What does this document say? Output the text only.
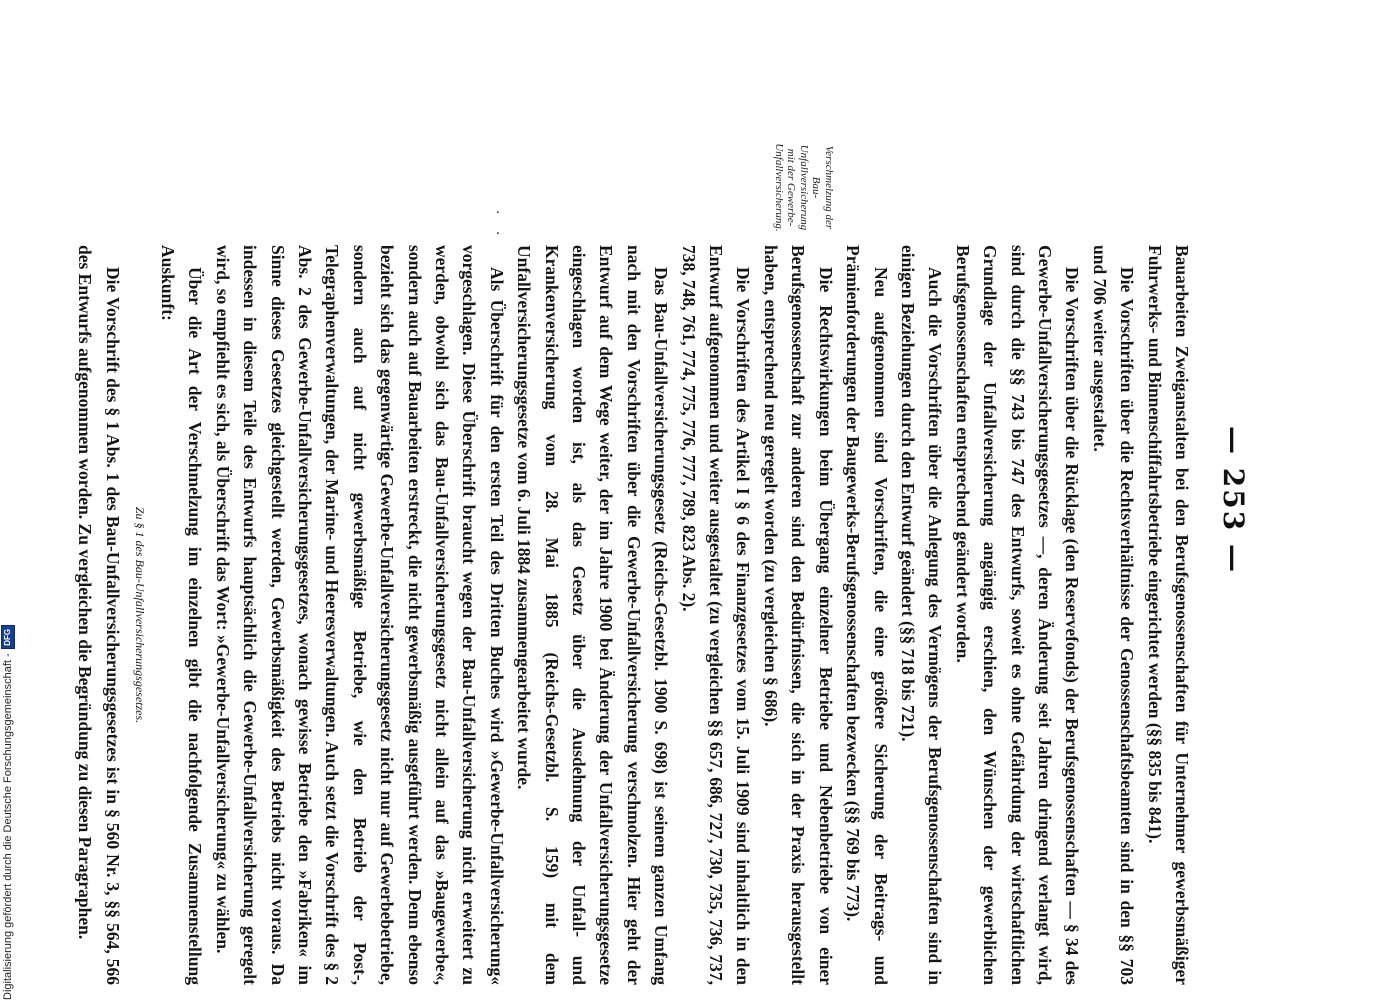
Digitalisierung gefördert durch die Deutsche Forschungsgemeinschaft -
DFG
— 253 —
Verschmelzung der Bau-Unfallversicherung mit der Gewerbe-Unfallversicherung.

Bauarbeiten Zweiganstalten bei den Berufsgenossenschaften für Unternehmer gewerbsmäßiger Fuhrwerks- und Binnenschiffahrtsbetriebe eingerichtet werden (§§ 835 bis 841).

Die Vorschriften über die Rechtsverhältnisse der Genossenschaftsbeamten sind in den §§ 703 und 706 weiter ausgestaltet.

Die Vorschriften über die Rücklage (den Reservefonds) der Berufsgenossenschaften — § 34 des Gewerbe-Unfallversicherungsgesetzes —, deren Änderung seit Jahren dringend verlangt wird, sind durch die §§ 743 bis 747 des Entwurfs, soweit es ohne Gefährdung der wirtschaftlichen Grundlage der Unfallversicherung angängig erschien, den Wünschen der gewerblichen Berufsgenossenschaften entsprechend geändert worden.

Auch die Vorschriften über die Anlegung des Vermögens der Berufsgenossenschaften sind in einigen Beziehungen durch den Entwurf geändert (§§ 718 bis 721).

Neu aufgenommen sind Vorschriften, die eine größere Sicherung der Beitrags- und Prämienforderungen der Baugewerks-Berufsgenossenschaften bezwecken (§§ 769 bis 773).

Die Rechtswirkungen beim Übergang einzelner Betriebe und Nebenbetriebe von einer Berufsgenossenschaft zur anderen sind den Bedürfnissen, die sich in der Praxis herausgestellt haben, entsprechend neu geregelt worden (zu vergleichen § 686).

Die Vorschriften des Artikel I § 6 des Finanzgesetzes vom 15. Juli 1909 sind inhaltlich in den Entwurf aufgenommen und weiter ausgestaltet (zu vergleichen §§ 657, 686, 727, 730, 735, 736, 737, 738, 748, 761, 774, 775, 776, 777, 789, 823 Abs. 2).

Das Bau-Unfallversicherungsgesetz (Reichs-Gesetzbl. 1900 S. 698) ist seinem ganzen Umfang nach mit den Vorschriften über die Gewerbe-Unfallversicherung verschmolzen. Hier geht der Entwurf auf dem Wege weiter, der im Jahre 1900 bei Änderung der Unfallversicherungsgesetze eingeschlagen worden ist, als das Gesetz über die Ausdehnung der Unfall- und Krankenversicherung vom 28. Mai 1885 (Reichs-Gesetzbl. S. 159) mit dem Unfallversicherungsgesetze vom 6. Juli 1884 zusammengearbeitet wurde.

Als Überschrift für den ersten Teil des Dritten Buches wird »Gewerbe-Unfallversicherung« vorgeschlagen. Diese Überschrift braucht wegen der Bau-Unfallversicherung nicht erweitert zu werden, obwohl sich das Bau-Unfallversicherungsgesetz nicht allein auf das »Baugewerbe«, sondern auch auf Bauarbeiten erstreckt, die nicht gewerbsmäßig ausgeführt werden. Denn ebenso bezieht sich das gegenwärtige Gewerbe-Unfallversicherungsgesetz nicht nur auf Gewerbebetriebe, sondern auch auf nicht gewerbsmäßige Betriebe, wie den Betrieb der Post-, Telegraphenverwaltungen, der Marine- und Heeresverwaltungen. Auch setzt die Vorschrift des § 2 Abs. 2 des Gewerbe-Unfallversicherungsgesetzes, wonach gewisse Betriebe den »Fabriken« im Sinne dieses Gesetzes gleichgestellt werden, Gewerbsmäßigkeit des Betriebs nicht voraus. Da indessen in diesem Teile des Entwurfs hauptsächlich die Gewerbe-Unfallversicherung geregelt wird, so empfiehlt es sich, als Überschrift das Wort: »Gewerbe-Unfallversicherung« zu wählen.

Über die Art der Verschmelzung im einzelnen gibt die nachfolgende Zusammenstellung Auskunft:

Zu § 1 des Bau-Unfallversicherungsgesetzes.

Die Vorschrift des § 1 Abs. 1 des Bau-Unfallversicherungsgesetzes ist in § 560 Nr. 3, §§ 564, 566 des Entwurfs aufgenommen worden. Zu vergleichen die Begründung zu diesen Paragraphen.

· ·
